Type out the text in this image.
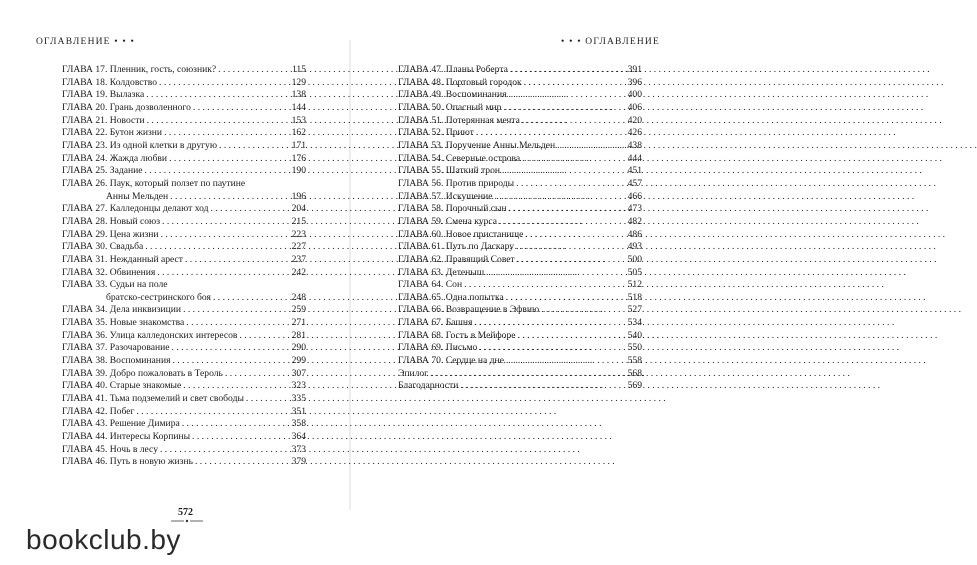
ОГЛАВЛЕНИЕ • • •	• • • ОГЛАВЛЕНИЕ
ГЛАВА 17. Пленник, гость, союзник? . . .	115
ГЛАВА 18. Колдовство . . .	129
ГЛАВА 19. Вылазка . . .	138
ГЛАВА 20. Грань дозволенного . . .	144
ГЛАВА 21. Новости . . .	153
ГЛАВА 22. Бутон жизни . . .	162
ГЛАВА 23. Из одной клетки в другую . . .	171
ГЛАВА 24. Жажда любви . . .	176
ГЛАВА 25. Задание . . .	190
ГЛАВА 26. Паук, который ползет по паутине
Анны Мельден . . .	196
ГЛАВА 27. Калледонцы делают ход . . .	204
ГЛАВА 28. Новый союз . . .	215
ГЛАВА 29. Цена жизни . . .	223
ГЛАВА 30. Свадьба . . .	227
ГЛАВА 31. Нежданный арест . . .	237
ГЛАВА 32. Обвинения . . .	242
ГЛАВА 33. Судьи на поле
братско-сестринского боя . . .	248
ГЛАВА 34. Дела инквизиции . . .	259
ГЛАВА 35. Новые знакомства . . .	271
ГЛАВА 36. Улица калледонских интересов . . .	281
ГЛАВА 37. Разочарование . . .	290
ГЛАВА 38. Воспоминания . . .	299
ГЛАВА 39. Добро пожаловать в Тероль . . .	307
ГЛАВА 40. Старые знакомые . . .	323
ГЛАВА 41. Тьма подземелий и свет свободы . . .	335
ГЛАВА 42. Побег . . .	351
ГЛАВА 43. Решение Димира . . .	358
ГЛАВА 44. Интересы Корпины . . .	364
ГЛАВА 45. Ночь в лесу . . .	373
ГЛАВА 46. Путь в новую жизнь . . .	379
ГЛАВА 47. Планы Роберта . . .	391
ГЛАВА 48. Портовый городок . . .	396
ГЛАВА 49. Воспоминания . . .	400
ГЛАВА 50. Опасный мир . . .	406
ГЛАВА 51. Потерянная мечта . . .	420
ГЛАВА 52. Приют . . .	426
ГЛАВА 53. Поручение Анны Мельден . . .	438
ГЛАВА 54. Северные острова . . .	444
ГЛАВА 55. Шаткий трон . . .	451
ГЛАВА 56. Против природы . . .	457
ГЛАВА 57. Искушение . . .	466
ГЛАВА 58. Порочный сын . . .	473
ГЛАВА 59. Смена курса . . .	482
ГЛАВА 60. Новое пристанище . . .	486
ГЛАВА 61. Путь по Даскару . . .	493
ГЛАВА 62. Правящий Совет . . .	500
ГЛАВА 63. Детеныш . . .	505
ГЛАВА 64. Сон . . .	512
ГЛАВА 65. Одна попытка . . .	518
ГЛАВА 66. Возвращение в Эфвию . . .	527
ГЛАВА 67. Башня . . .	534
ГЛАВА 68. Гость в Мейфоре . . .	540
ГЛАВА 69. Письмо . . .	550
ГЛАВА 70. Сердце на дне . . .	558
Эпилог . . .	568
Благодарности . . .	569
572
bookclub.by
